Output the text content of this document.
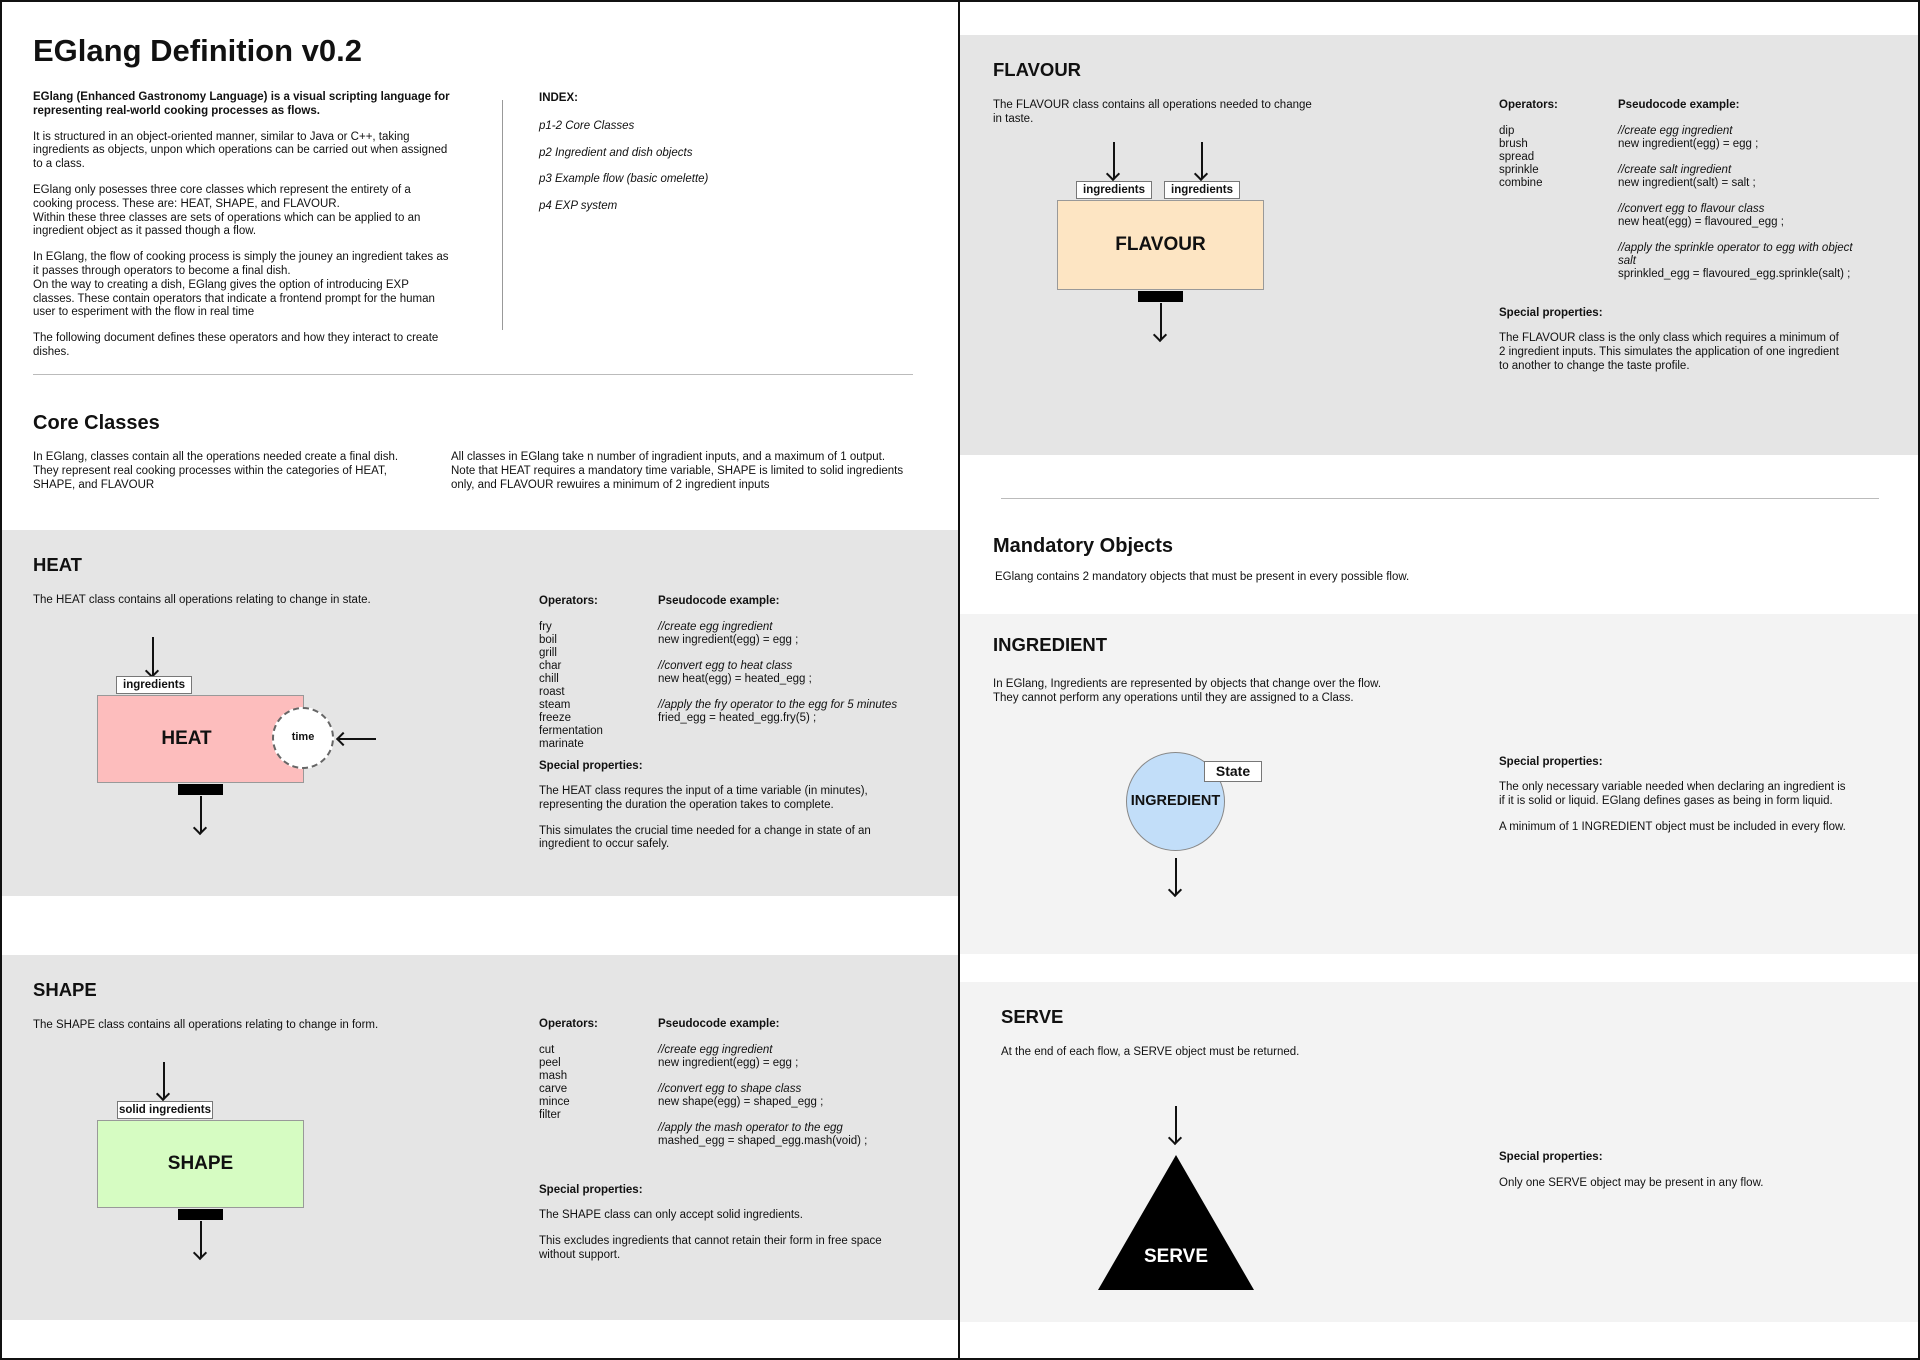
EGlang Definition v0.2

EGlang (Enhanced Gastronomy Language) is a visual scripting language for representing real-world cooking processes as flows.

It is structured in an object-oriented manner, similar to Java or C++, taking ingredients as objects, unpon which operations can be carried out when assigned to a class.

EGlang only posesses three core classes which represent the entirety of a cooking process. These are: HEAT, SHAPE, and FLAVOUR.

Within these three classes are sets of operations which can be applied to an ingredient object as it passed though a flow.

In EGlang, the flow of cooking process is simply the jouney an ingredient takes as it passes through operators to become a final dish.

On the way to creating a dish, EGlang gives the option of introducing EXP classes. These contain operators that indicate a frontend prompt for the human user to esperiment with the flow in real time

The following document defines these operators and how they interact to create dishes.

INDEX:
p1-2 Core Classes
p2 Ingredient and dish objects
p3 Example flow (basic omelette)
p4 EXP system
Core Classes
In EGlang, classes contain all the operations needed create a final dish. They represent real cooking processes within the categories of HEAT, SHAPE, and FLAVOUR
All classes in EGlang take n number of ingradient inputs, and a maximum of 1 output. Note that HEAT requires a mandatory time variable, SHAPE is limited to solid ingredients only, and FLAVOUR rewuires a minimum of 2 ingredient inputs
HEAT
The HEAT class contains all operations relating to change in state.
ingredients
HEAT	time
Operators:	Pseudocode example:
fry
boil
grill
char
chill
roast
steam
freeze
fermentation
marinate
//create egg ingredient
new ingredient(egg) = egg ;
//convert egg to heat class
new heat(egg) = heated_egg ;
//apply the fry operator to the egg for 5 minutes
fried_egg = heated_egg.fry(5) ;
Special properties:

The HEAT class requres the input of a time variable (in minutes), representing the duration the operation takes to complete.

This simulates the crucial time needed for a change in state of an ingredient to occur safely.

SHAPE
The SHAPE class contains all operations relating to change in form.
solid ingredients
SHAPE
Operators:	Pseudocode example:
cut
peel
mash
carve
mince
filter
//create egg ingredient
new ingredient(egg) = egg ;
//convert egg to shape class
new shape(egg) = shaped_egg ;
//apply the mash operator to the egg
mashed_egg = shaped_egg.mash(void) ;
Special properties:

The SHAPE class can only accept solid ingredients.

This excludes ingredients that cannot retain their form in free space without support.

FLAVOUR
The FLAVOUR class contains all operations needed to change in taste.
ingredients	ingredients
FLAVOUR
Operators:	Pseudocode example:
dip
brush
spread
sprinkle
combine
//create egg ingredient
new ingredient(egg) = egg ;
//create salt ingredient
new ingredient(salt) = salt ;
//convert egg to flavour class
new heat(egg) = flavoured_egg ;
//apply the sprinkle operator to egg with object
salt
sprinkled_egg = flavoured_egg.sprinkle(salt) ;
Special properties:
The FLAVOUR class is the only class which requires a minimum of 2 ingredient inputs. This simulates the application of one ingredient to another to change the taste profile.
Mandatory Objects
EGlang contains 2 mandatory objects that must be present in every possible flow.
INGREDIENT
In EGlang, Ingredients are represented by objects that change over the flow.
They cannot perform any operations until they are assigned to a Class.
INGREDIENT
State
Special properties:

The only necessary variable needed when declaring an ingredient is if it is solid or liquid. EGlang defines gases as being in form liquid.

A minimum of 1 INGREDIENT object must be included in every flow.

SERVE
At the end of each flow, a SERVE object must be returned.
SERVE
Special properties:
Only one SERVE object may be present in any flow.
